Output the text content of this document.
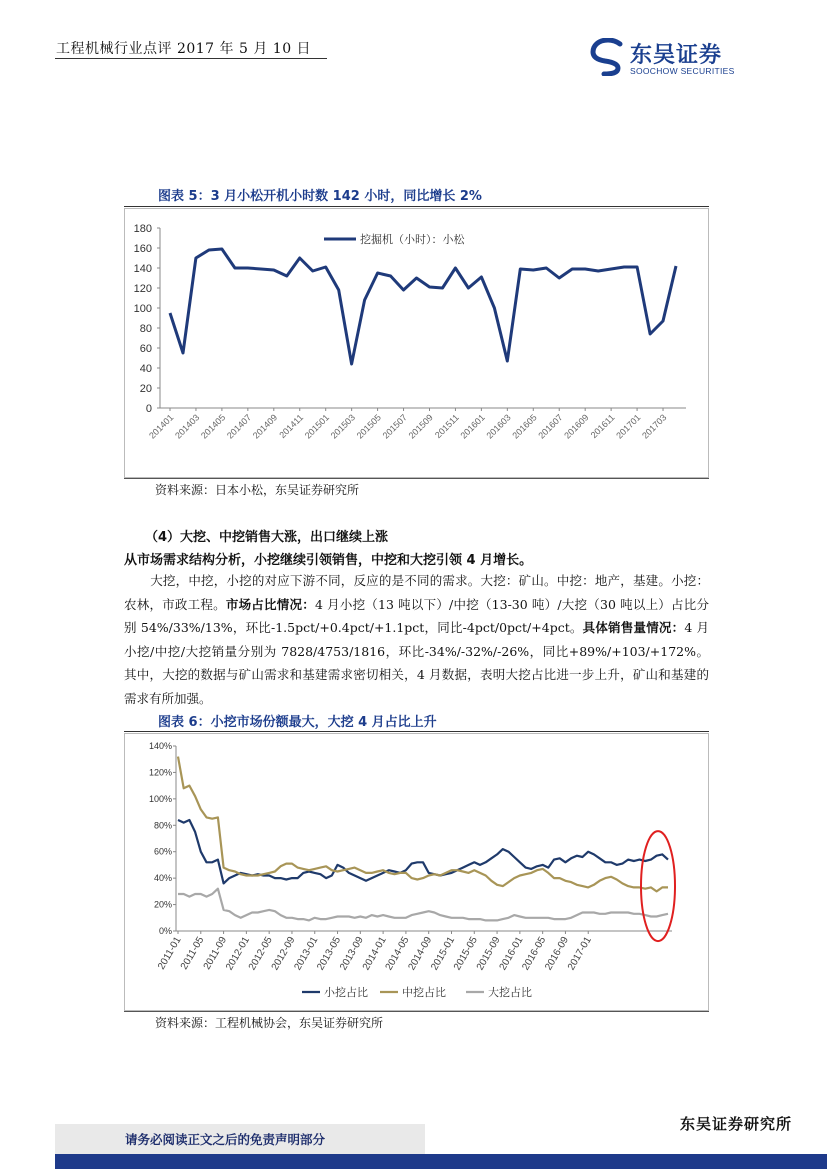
工程机械行业点评 2017 年 5 月 10 日
SCS
东吴证券
SOOCHOW SECURITIES
图表 5：3 月小松开机小时数 142 小时，同比增长 2%
0
20
40
60
80
100
120
140
160
180
201401
201403
201405
201407
201409
201411
201501
201503
201505
201507
201509
201511
201601
201603
201605
201607
201609
201611
201701
201703
挖掘机（小时）：小松
资料来源：日本小松，东吴证券研究所
（4）大挖、中挖销售大涨，出口继续上涨
从市场需求结构分析，小挖继续引领销售，中挖和大挖引领 4 月增长。
大挖，中挖，小挖的对应下游不同，反应的是不同的需求。大挖：矿山。中挖：地产，基建。小挖：农林，市政工程。市场占比情况：4 月小挖（13 吨以下）/中挖（13-30 吨）/大挖（30 吨以上）占比分别 54%/33%/13%，环比-1.5pct/+0.4pct/+1.1pct，同比-4pct/0pct/+4pct。具体销售量情况：4 月小挖/中挖/大挖销量分别为 7828/4753/1816，环比-34%/-32%/-26%，同比+89%/+103/+172%。其中，大挖的数据与矿山需求和基建需求密切相关，4 月数据，表明大挖占比进一步上升，矿山和基建的需求有所加强。
图表 6：小挖市场份额最大，大挖 4 月占比上升
0%
20%
40%
60%
80%
100%
120%
140%
2011-01
2011-05
2011-09
2012-01
2012-05
2012-09
2013-01
2013-05
2013-09
2014-01
2014-05
2014-09
2015-01
2015-05
2015-09
2016-01
2016-05
2016-09
2017-01
小挖占比	中挖占比	大挖占比
资料来源：工程机械协会，东吴证券研究所
东吴证券研究所
请务必阅读正文之后的免责声明部分
